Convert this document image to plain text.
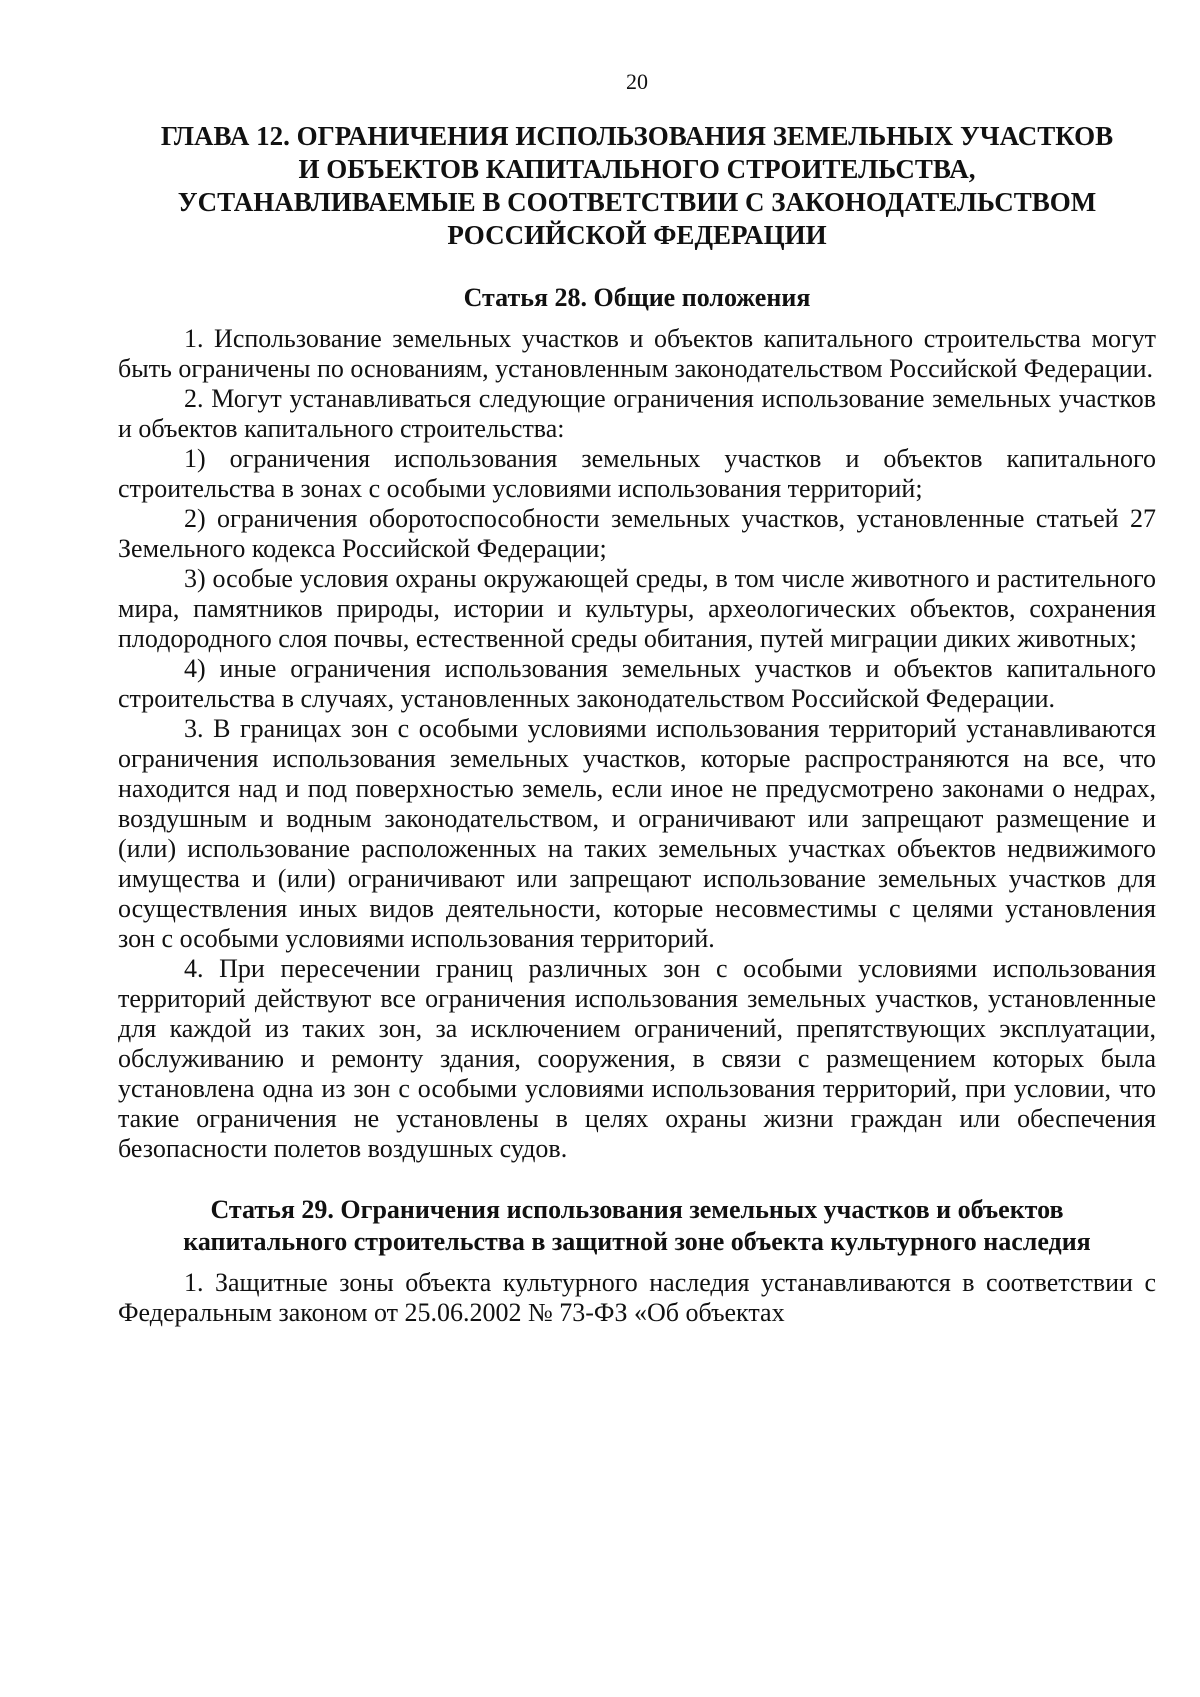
20
ГЛАВА 12. ОГРАНИЧЕНИЯ ИСПОЛЬЗОВАНИЯ ЗЕМЕЛЬНЫХ УЧАСТКОВ
И ОБЪЕКТОВ КАПИТАЛЬНОГО СТРОИТЕЛЬСТВА,
УСТАНАВЛИВАЕМЫЕ В СООТВЕТСТВИИ С ЗАКОНОДАТЕЛЬСТВОМ
РОССИЙСКОЙ ФЕДЕРАЦИИ
Статья 28. Общие положения

1. Использование земельных участков и объектов капитального строительства могут быть ограничены по основаниям, установленным законодательством Российской Федерации.

2. Могут устанавливаться следующие ограничения использование земельных участков и объектов капитального строительства:

1) ограничения использования земельных участков и объектов капитального строительства в зонах с особыми условиями использования территорий;

2) ограничения оборотоспособности земельных участков, установленные статьей 27 Земельного кодекса Российской Федерации;

3) особые условия охраны окружающей среды, в том числе животного и растительного мира, памятников природы, истории и культуры, археологических объектов, сохранения плодородного слоя почвы, естественной среды обитания, путей миграции диких животных;

4) иные ограничения использования земельных участков и объектов капитального строительства в случаях, установленных законодательством Российской Федерации.

3. В границах зон с особыми условиями использования территорий устанавливаются ограничения использования земельных участков, которые распространяются на все, что находится над и под поверхностью земель, если иное не предусмотрено законами о недрах, воздушным и водным законодательством, и ограничивают или запрещают размещение и (или) использование расположенных на таких земельных участках объектов недвижимого имущества и (или) ограничивают или запрещают использование земельных участков для осуществления иных видов деятельности, которые несовместимы с целями установления зон с особыми условиями использования территорий.

4. При пересечении границ различных зон с особыми условиями использования территорий действуют все ограничения использования земельных участков, установленные для каждой из таких зон, за исключением ограничений, препятствующих эксплуатации, обслуживанию и ремонту здания, сооружения, в связи с размещением которых была установлена одна из зон с особыми условиями использования территорий, при условии, что такие ограничения не установлены в целях охраны жизни граждан или обеспечения безопасности полетов воздушных судов.

Статья 29. Ограничения использования земельных участков и объектов
капитального строительства в защитной зоне объекта культурного наследия

1. Защитные зоны объекта культурного наследия устанавливаются в соответствии с Федеральным законом от 25.06.2002 № 73-ФЗ «Об объектах
